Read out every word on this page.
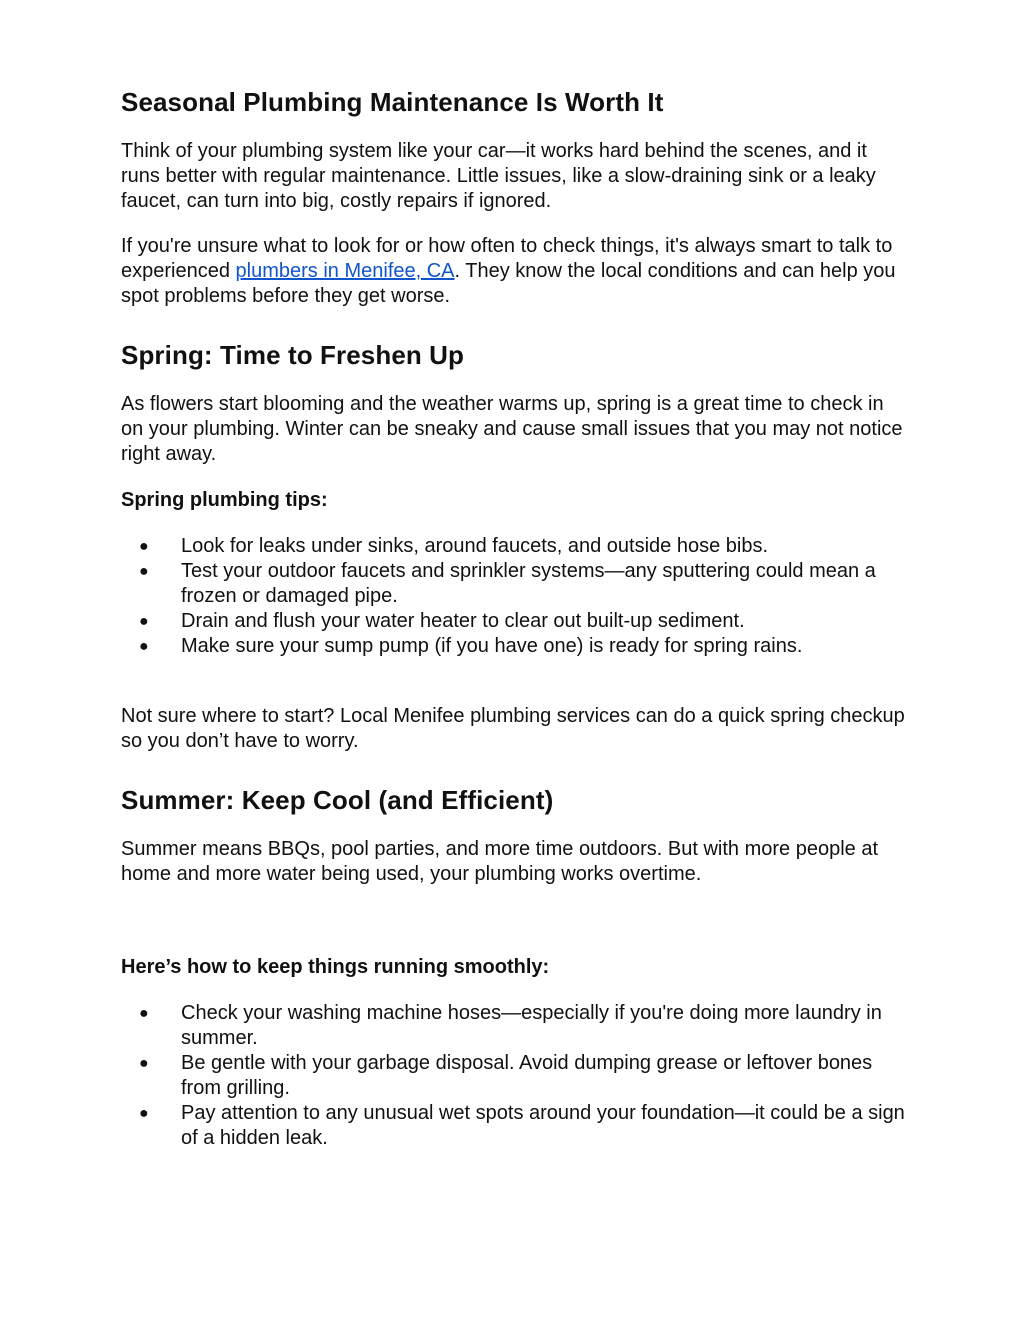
Seasonal Plumbing Maintenance Is Worth It

Think of your plumbing system like your car—it works hard behind the scenes, and it runs better with regular maintenance. Little issues, like a slow-draining sink or a leaky faucet, can turn into big, costly repairs if ignored.

If you're unsure what to look for or how often to check things, it's always smart to talk to experienced plumbers in Menifee, CA. They know the local conditions and can help you spot problems before they get worse.

Spring: Time to Freshen Up

As flowers start blooming and the weather warms up, spring is a great time to check in on your plumbing. Winter can be sneaky and cause small issues that you may not notice right away.

Spring plumbing tips:
● Look for leaks under sinks, around faucets, and outside hose bibs.
● Test your outdoor faucets and sprinkler systems—any sputtering could mean a frozen or damaged pipe.
● Drain and flush your water heater to clear out built-up sediment.
● Make sure your sump pump (if you have one) is ready for spring rains.

Not sure where to start? Local Menifee plumbing services can do a quick spring checkup so you don’t have to worry.

Summer: Keep Cool (and Efficient)

Summer means BBQs, pool parties, and more time outdoors. But with more people at home and more water being used, your plumbing works overtime.

Here’s how to keep things running smoothly:
● Check your washing machine hoses—especially if you're doing more laundry in summer.
● Be gentle with your garbage disposal. Avoid dumping grease or leftover bones from grilling.
● Pay attention to any unusual wet spots around your foundation—it could be a sign of a hidden leak.
